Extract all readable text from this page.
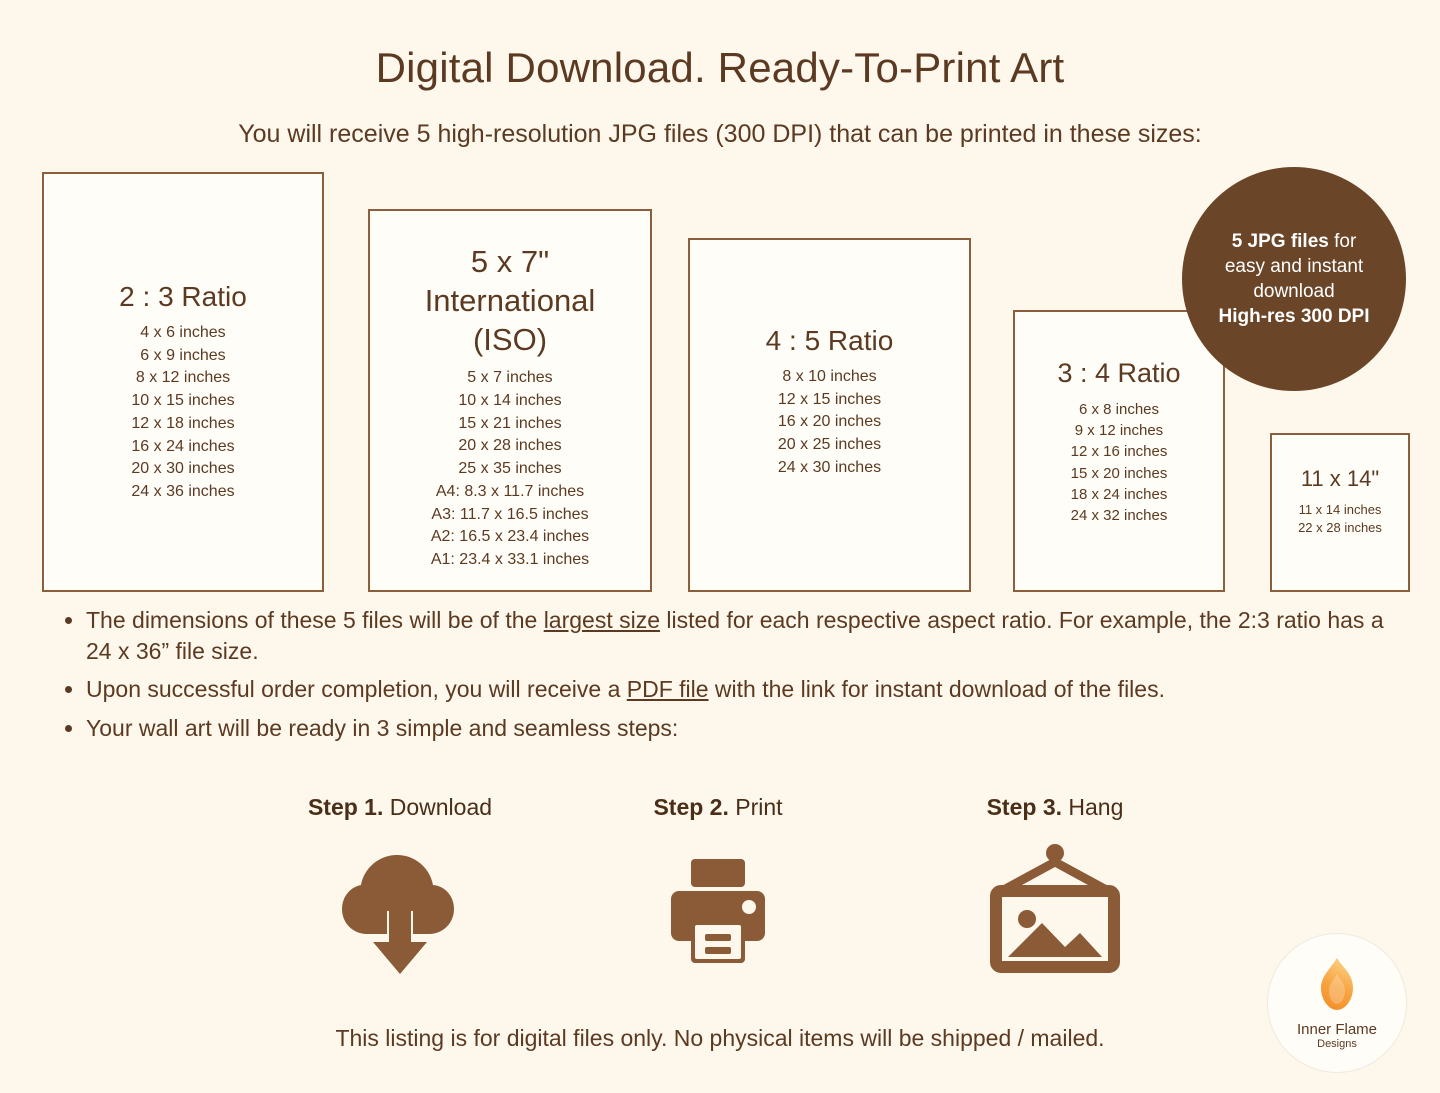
Digital Download. Ready-To-Print Art
You will receive 5 high-resolution JPG files (300 DPI) that can be printed in these sizes:
2 : 3 Ratio
4 x 6 inches
6 x 9 inches
8 x 12 inches
10 x 15 inches
12 x 18 inches
16 x 24 inches
20 x 30 inches
24 x 36 inches
5 x 7"
International
(ISO)
5 x 7 inches
10 x 14 inches
15 x 21 inches
20 x 28 inches
25 x 35 inches
A4: 8.3 x 11.7 inches
A3: 11.7 x 16.5 inches
A2: 16.5 x 23.4 inches
A1: 23.4 x 33.1 inches
4 : 5 Ratio
8 x 10 inches
12 x 15 inches
16 x 20 inches
20 x 25 inches
24 x 30 inches
3 : 4 Ratio
6 x 8 inches
9 x 12 inches
12 x 16 inches
15 x 20 inches
18 x 24 inches
24 x 32 inches
11 x 14"
11 x 14 inches
22 x 28 inches
5 JPG files for
easy and instant
download
High-res 300 DPI
• The dimensions of these 5 files will be of the largest size listed for each respective aspect ratio. For example, the 2:3 ratio has a 24 x 36” file size.
• Upon successful order completion, you will receive a PDF file with the link for instant download of the files.
• Your wall art will be ready in 3 simple and seamless steps:
Step 1. Download	Step 2. Print	Step 3. Hang
This listing is for digital files only. No physical items will be shipped / mailed.	Inner Flame
Designs
